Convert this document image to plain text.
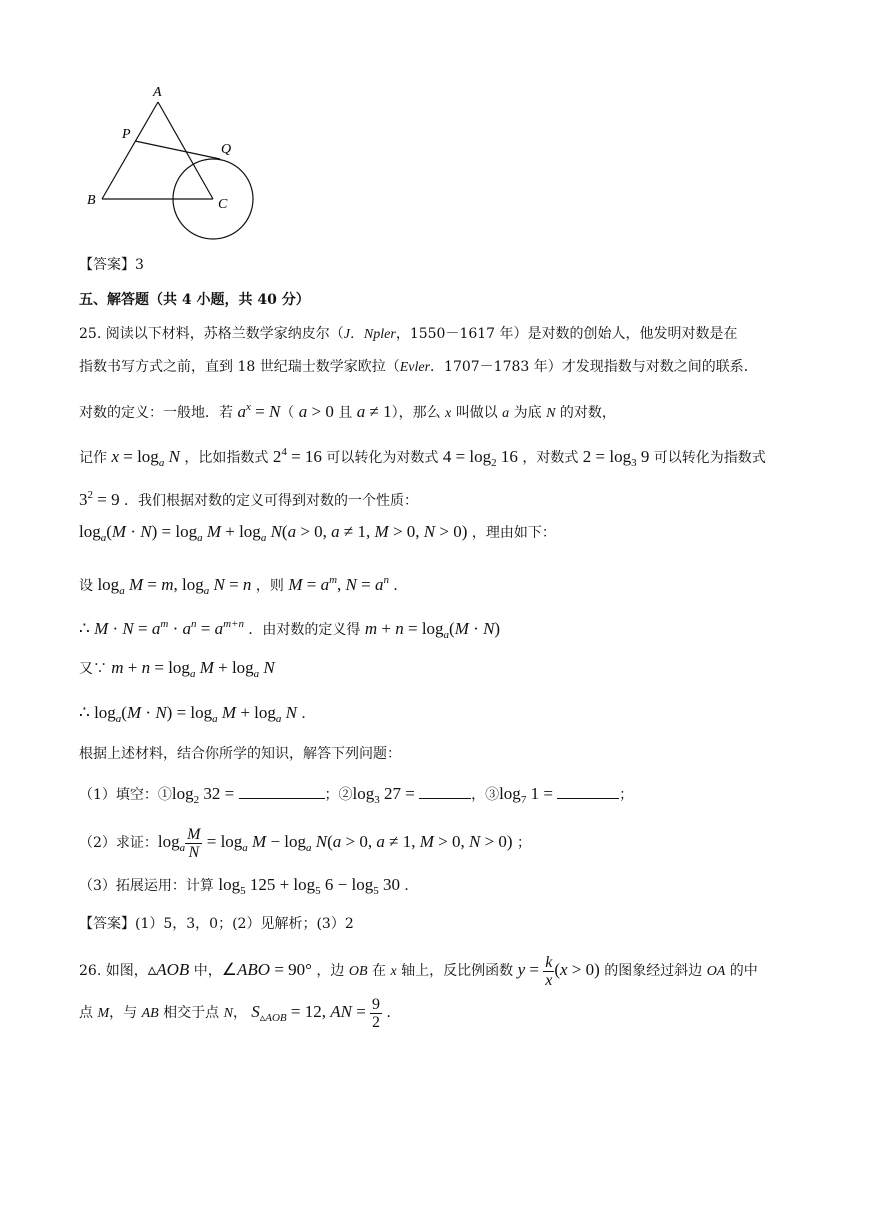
A
P
Q
B	C
【答案】3
五、解答题（共 4 小题，共 40 分）
25. 阅读以下材料，苏格兰数学家纳皮尔（J．Npler，1550－1617 年）是对数的创始人，他发明对数是在
指数书写方式之前，直到 18 世纪瑞士数学家欧拉（Evler．1707－1783 年）才发现指数与对数之间的联系．
对数的定义：一般地．若 $a^x = N$（ a > 0 且 a ≠ 1），那么 x 叫做以 a 为底 N 的对数，
记作 $x = \log_a N$ ，比如指数式 $2^4 = 16$ 可以转化为对数式 $4 = \log_2 16$ ，对数式 $2 = \log_3 9$ 可以转化为指数式
$3^2 = 9$ ．我们根据对数的定义可得到对数的一个性质：
$\log_a(M \cdot N) = \log_a M + \log_a N(a > 0$, a ≠ 1, M > 0, N > 0) ，理由如下：
设 $\log_a M = m$, $\log_a N = n$ ，则 $M = a^m$, $N = a^n$ ．
∴ $M \cdot N = a^m \cdot a^n = a^{m+n}$ ．由对数的定义得 $m + n = \log_a(M \cdot N)$
又∵ $m + n = \log_a M + \log_a N$
∴ $\log_a(M \cdot N) = \log_a M + \log_a N$ ．
根据上述材料，结合你所学的知识，解答下列问题：
（1）填空：$①\log_2$ 32 =	；$②\log_3$ 27 =	，$③\log_7$ 1 =	；
（2）求证：$\log_a \frac{M}{N} = \log_a M - \log_a N(a > 0$, a ≠ 1, M > 0, N > 0) ；
（3）拓展运用：计算 $\log_5 125 + \log_5 6 - \log_5 30$ ．
【答案】(1）5，3，0；(2）见解析；(3）2
26. 如图，▵AOB 中，∠ABO = 90° ，边 OB 在 x 轴上，反比例函数 $y = \frac{k}{x} (x > 0)$ 的图象经过斜边 OA 的中
点 M，与 AB 相交于点 N， $S_{▵AOB} = 12$, AN = $\frac{9}{2}$ ．
